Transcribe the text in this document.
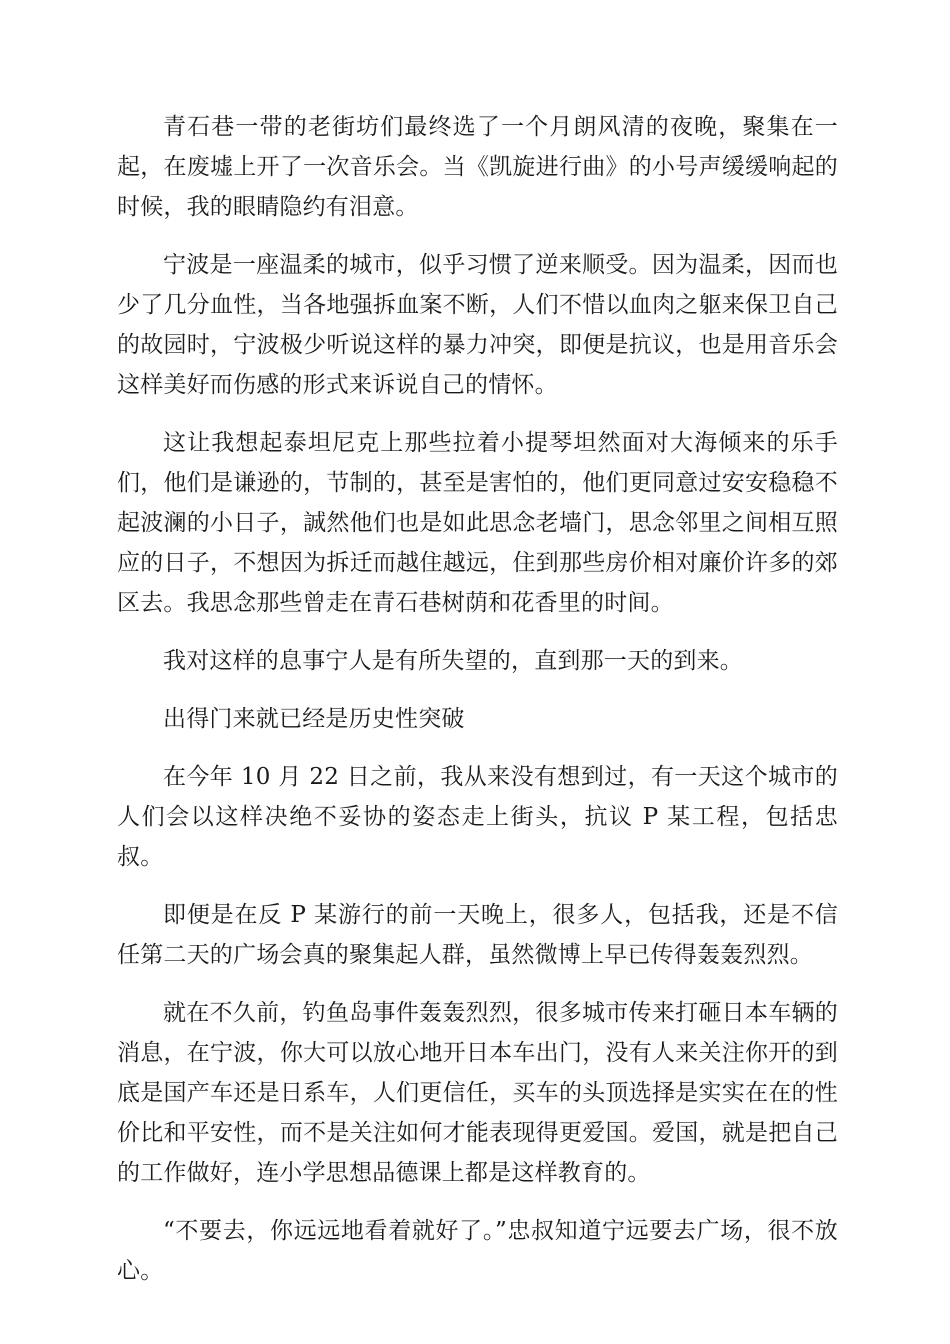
青石巷一带的老街坊们最终选了一个月朗风清的夜晚，聚集在一起，在废墟上开了一次音乐会。当《凯旋进行曲》的小号声缓缓响起的时候，我的眼睛隐约有泪意。

宁波是一座温柔的城市，似乎习惯了逆来顺受。因为温柔，因而也少了几分血性，当各地强拆血案不断，人们不惜以血肉之躯来保卫自己的故园时，宁波极少听说这样的暴力冲突，即便是抗议，也是用音乐会这样美好而伤感的形式来诉说自己的情怀。

这让我想起泰坦尼克上那些拉着小提琴坦然面对大海倾来的乐手们，他们是谦逊的，节制的，甚至是害怕的，他们更同意过安安稳稳不起波澜的小日子，誠然他们也是如此思念老墙门，思念邻里之间相互照应的日子，不想因为拆迁而越住越远，住到那些房价相对廉价许多的郊区去。我思念那些曾走在青石巷树荫和花香里的时间。

我对这样的息事宁人是有所失望的，直到那一天的到来。

出得门来就已经是历史性突破

在今年 10 月 22 日之前，我从来没有想到过，有一天这个城市的人们会以这样决绝不妥协的姿态走上街头，抗议 P 某工程，包括忠叔。

即便是在反 P 某游行的前一天晚上，很多人，包括我，还是不信任第二天的广场会真的聚集起人群，虽然微博上早已传得轰轰烈烈。

就在不久前，钓鱼岛事件轰轰烈烈，很多城市传来打砸日本车辆的消息，在宁波，你大可以放心地开日本车出门，没有人来关注你开的到底是国产车还是日系车，人们更信任，买车的头顶选择是实实在在的性价比和平安性，而不是关注如何才能表现得更爱国。爱国，就是把自己的工作做好，连小学思想品德课上都是这样教育的。

“不要去，你远远地看着就好了。”忠叔知道宁远要去广场，很不放心。
